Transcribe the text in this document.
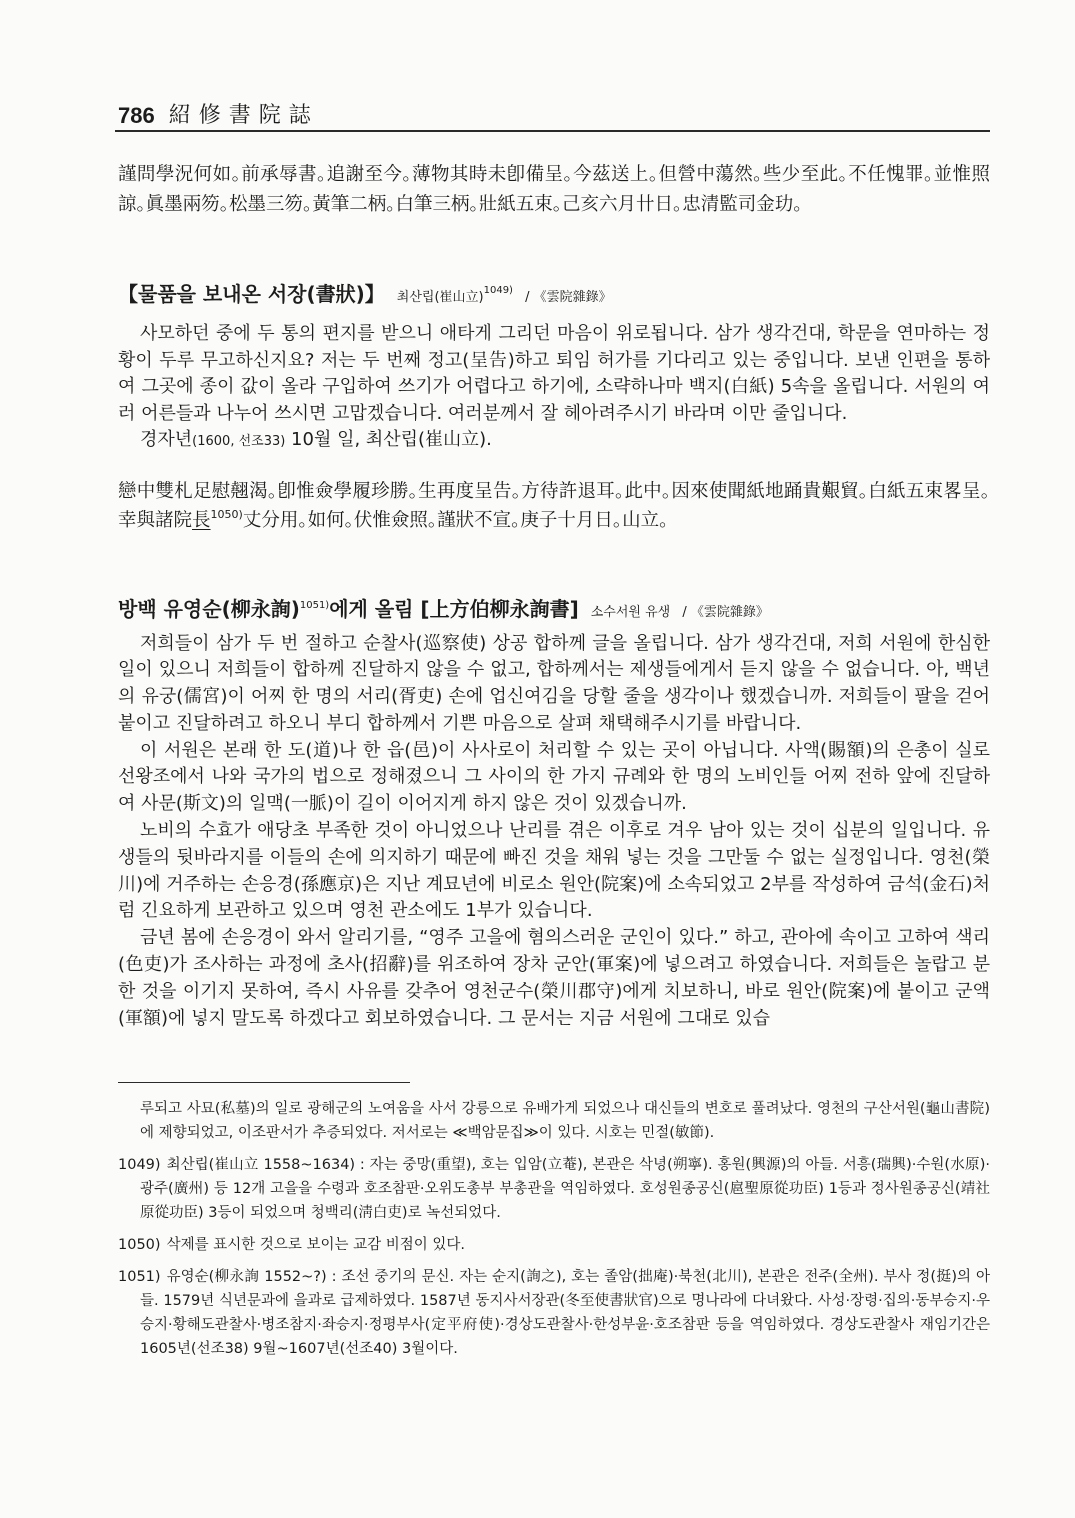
786 紹修書院誌
謹問學況何如。前承辱書。追謝至今。薄物其時未卽備呈。今茲送上。但營中蕩然。些少至此。不任愧罪。並惟照諒。眞墨兩笏。松墨三笏。黃筆二柄。白筆三柄。壯紙五束。己亥六月卄日。忠清監司金玏。
【물품을 보내온 서장(書狀)】 최산립(崔山立)$^{1049)}$ / 《雲院雜錄》

사모하던 중에 두 통의 편지를 받으니 애타게 그리던 마음이 위로됩니다. 삼가 생각건대, 학문을 연마하는 정황이 두루 무고하신지요? 저는 두 번째 정고(呈告)하고 퇴임 허가를 기다리고 있는 중입니다. 보낸 인편을 통하여 그곳에 종이 값이 올라 구입하여 쓰기가 어렵다고 하기에, 소략하나마 백지(白紙) 5속을 올립니다. 서원의 여러 어른들과 나누어 쓰시면 고맙겠습니다. 여러분께서 잘 헤아려주시기 바라며 이만 줄입니다.

경자년(1600, 선조33) 10월 일, 최산립(崔山立).

戀中雙札足慰翹渴。卽惟僉學履珍勝。生再度呈告。方待許退耳。此中。因來使聞紙地踊貴艱貿。白紙五束畧呈。幸與諸院長$^{1050)}$丈分用。如何。伏惟僉照。謹狀不宣。庚子十月日。山立。
방백 유영순(柳永詢)$^{1051)}$에게 올림 [上方伯柳永詢書] 소수서원 유생 / 《雲院雜錄》

저희들이 삼가 두 번 절하고 순찰사(巡察使) 상공 합하께 글을 올립니다. 삼가 생각건대, 저희 서원에 한심한 일이 있으니 저희들이 합하께 진달하지 않을 수 없고, 합하께서는 제생들에게서 듣지 않을 수 없습니다. 아, 백년의 유궁(儒宮)이 어찌 한 명의 서리(胥吏) 손에 업신여김을 당할 줄을 생각이나 했겠습니까. 저희들이 팔을 걷어붙이고 진달하려고 하오니 부디 합하께서 기쁜 마음으로 살펴 채택해주시기를 바랍니다.

이 서원은 본래 한 도(道)나 한 읍(邑)이 사사로이 처리할 수 있는 곳이 아닙니다. 사액(賜額)의 은총이 실로 선왕조에서 나와 국가의 법으로 정해졌으니 그 사이의 한 가지 규례와 한 명의 노비인들 어찌 전하 앞에 진달하여 사문(斯文)의 일맥(一脈)이 길이 이어지게 하지 않은 것이 있겠습니까.

노비의 수효가 애당초 부족한 것이 아니었으나 난리를 겪은 이후로 겨우 남아 있는 것이 십분의 일입니다. 유생들의 뒷바라지를 이들의 손에 의지하기 때문에 빠진 것을 채워 넣는 것을 그만둘 수 없는 실정입니다. 영천(榮川)에 거주하는 손응경(孫應京)은 지난 계묘년에 비로소 원안(院案)에 소속되었고 2부를 작성하여 금석(金石)처럼 긴요하게 보관하고 있으며 영천 관소에도 1부가 있습니다.

금년 봄에 손응경이 와서 알리기를, “영주 고을에 혐의스러운 군인이 있다.” 하고, 관아에 속이고 고하여 색리(色吏)가 조사하는 과정에 초사(招辭)를 위조하여 장차 군안(軍案)에 넣으려고 하였습니다. 저희들은 놀랍고 분한 것을 이기지 못하여, 즉시 사유를 갖추어 영천군수(榮川郡守)에게 치보하니, 바로 원안(院案)에 붙이고 군액(軍額)에 넣지 말도록 하겠다고 회보하였습니다. 그 문서는 지금 서원에 그대로 있습

루되고 사묘(私墓)의 일로 광해군의 노여움을 사서 강릉으로 유배가게 되었으나 대신들의 변호로 풀려났다. 영천의 구산서원(龜山書院)에 제향되었고, 이조판서가 추증되었다. 저서로는 ≪백암문집≫이 있다. 시호는 민절(敏節).

1049) 최산립(崔山立 1558~1634) : 자는 중망(重望), 호는 입암(立菴), 본관은 삭녕(朔寧). 홍원(興源)의 아들. 서흥(瑞興)·수원(水原)·광주(廣州) 등 12개 고을을 수령과 호조참판·오위도총부 부총관을 역임하였다. 호성원종공신(扈聖原從功臣) 1등과 정사원종공신(靖社原從功臣) 3등이 되었으며 청백리(淸白吏)로 녹선되었다.

1050) 삭제를 표시한 것으로 보이는 교감 비점이 있다.

1051) 유영순(柳永詢 1552~?) : 조선 중기의 문신. 자는 순지(詢之), 호는 졸암(拙庵)·북천(北川), 본관은 전주(全州). 부사 정(挺)의 아들. 1579년 식년문과에 을과로 급제하였다. 1587년 동지사서장관(冬至使書狀官)으로 명나라에 다녀왔다. 사성·장령·집의·동부승지·우승지·황해도관찰사·병조참지·좌승지·정평부사(定平府使)·경상도관찰사·한성부윤·호조참판 등을 역임하였다. 경상도관찰사 재임기간은 1605년(선조38) 9월~1607년(선조40) 3월이다.
